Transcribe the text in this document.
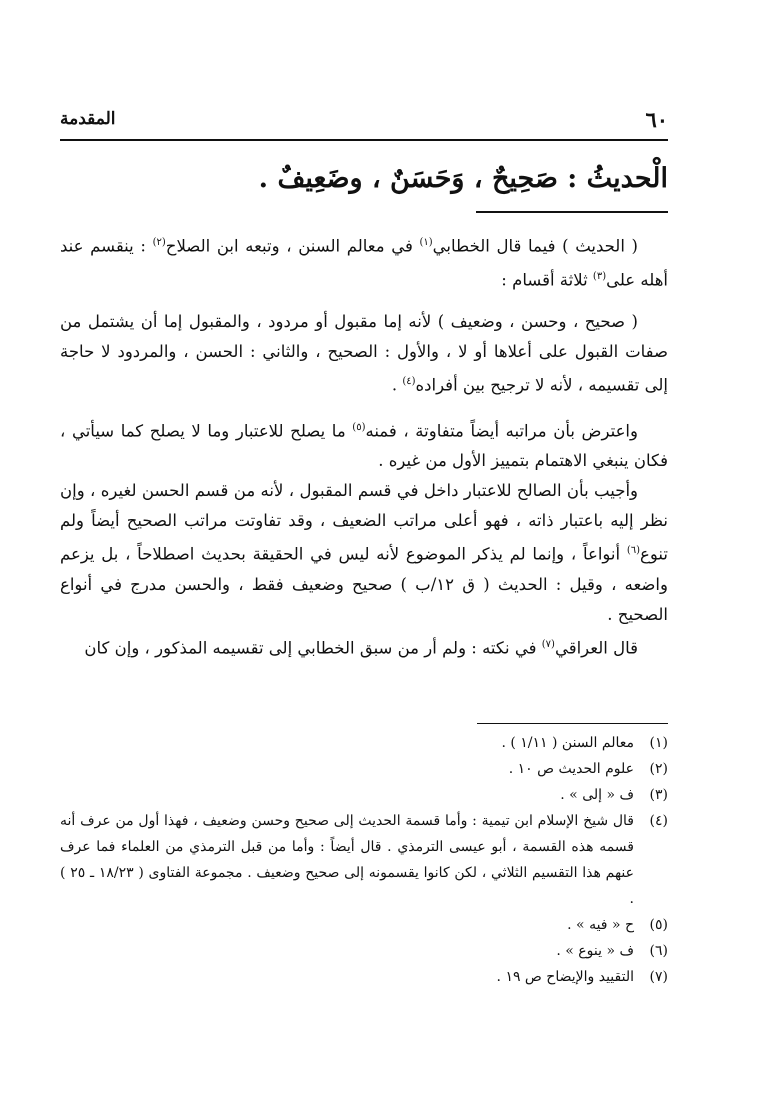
٦٠
المقدمة
الْحديثُ : صَحِيحٌ ، وَحَسَنٌ ، وضَعِيفٌ .

( الحديث ) فيما قال الخطابي$^{(١)}$ في معالم السنن ، وتبعه ابن الصلاح$^{(٢)}$ : ينقسم عند أهله على$^{(٣)}$ ثلاثة أقسام :

( صحيح ، وحسن ، وضعيف ) لأنه إما مقبول أو مردود ، والمقبول إما أن يشتمل من صفات القبول على أعلاها أو لا ، والأول : الصحيح ، والثاني : الحسن ، والمردود لا حاجة إلى تقسيمه ، لأنه لا ترجيح بين أفراده$^{(٤)}$ .

واعترض بأن مراتبه أيضاً متفاوتة ، فمنه$^{(٥)}$ ما يصلح للاعتبار وما لا يصلح كما سيأتي ، فكان ينبغي الاهتمام بتمييز الأول من غيره .

وأجيب بأن الصالح للاعتبار داخل في قسم المقبول ، لأنه من قسم الحسن لغيره ، وإن نظر إليه باعتبار ذاته ، فهو أعلى مراتب الضعيف ، وقد تفاوتت مراتب الصحيح أيضاً ولم تنوع$^{(٦)}$ أنواعاً ، وإنما لم يذكر الموضوع لأنه ليس في الحقيقة بحديث اصطلاحاً ، بل يزعم واضعه ، وقيل : الحديث ( ق ١٢/ب ) صحيح وضعيف فقط ، والحسن مدرج في أنواع الصحيح .

قال العراقي$^{(٧)}$ في نكته : ولم أر من سبق الخطابي إلى تقسيمه المذكور ، وإن كان

(١)
معالم السنن ( ١/١١ ) .
(٢)
علوم الحديث ص ١٠ .
(٣)
ف « إلى » .
(٤)
قال شيخ الإسلام ابن تيمية : وأما قسمة الحديث إلى صحيح وحسن وضعيف ، فهذا أول من عرف أنه قسمه هذه القسمة ، أبو عيسى الترمذي . قال أيضاً : وأما من قبل الترمذي من العلماء فما عرف عنهم هذا التقسيم الثلاثي ، لكن كانوا يقسمونه إلى صحيح وضعيف . مجموعة الفتاوى ( ١٨/٢٣ ـ ٢٥ ) .
(٥)
ح « فيه » .
(٦)
ف « ينوع » .
(٧)
التقييد والإيضاح ص ١٩ .
